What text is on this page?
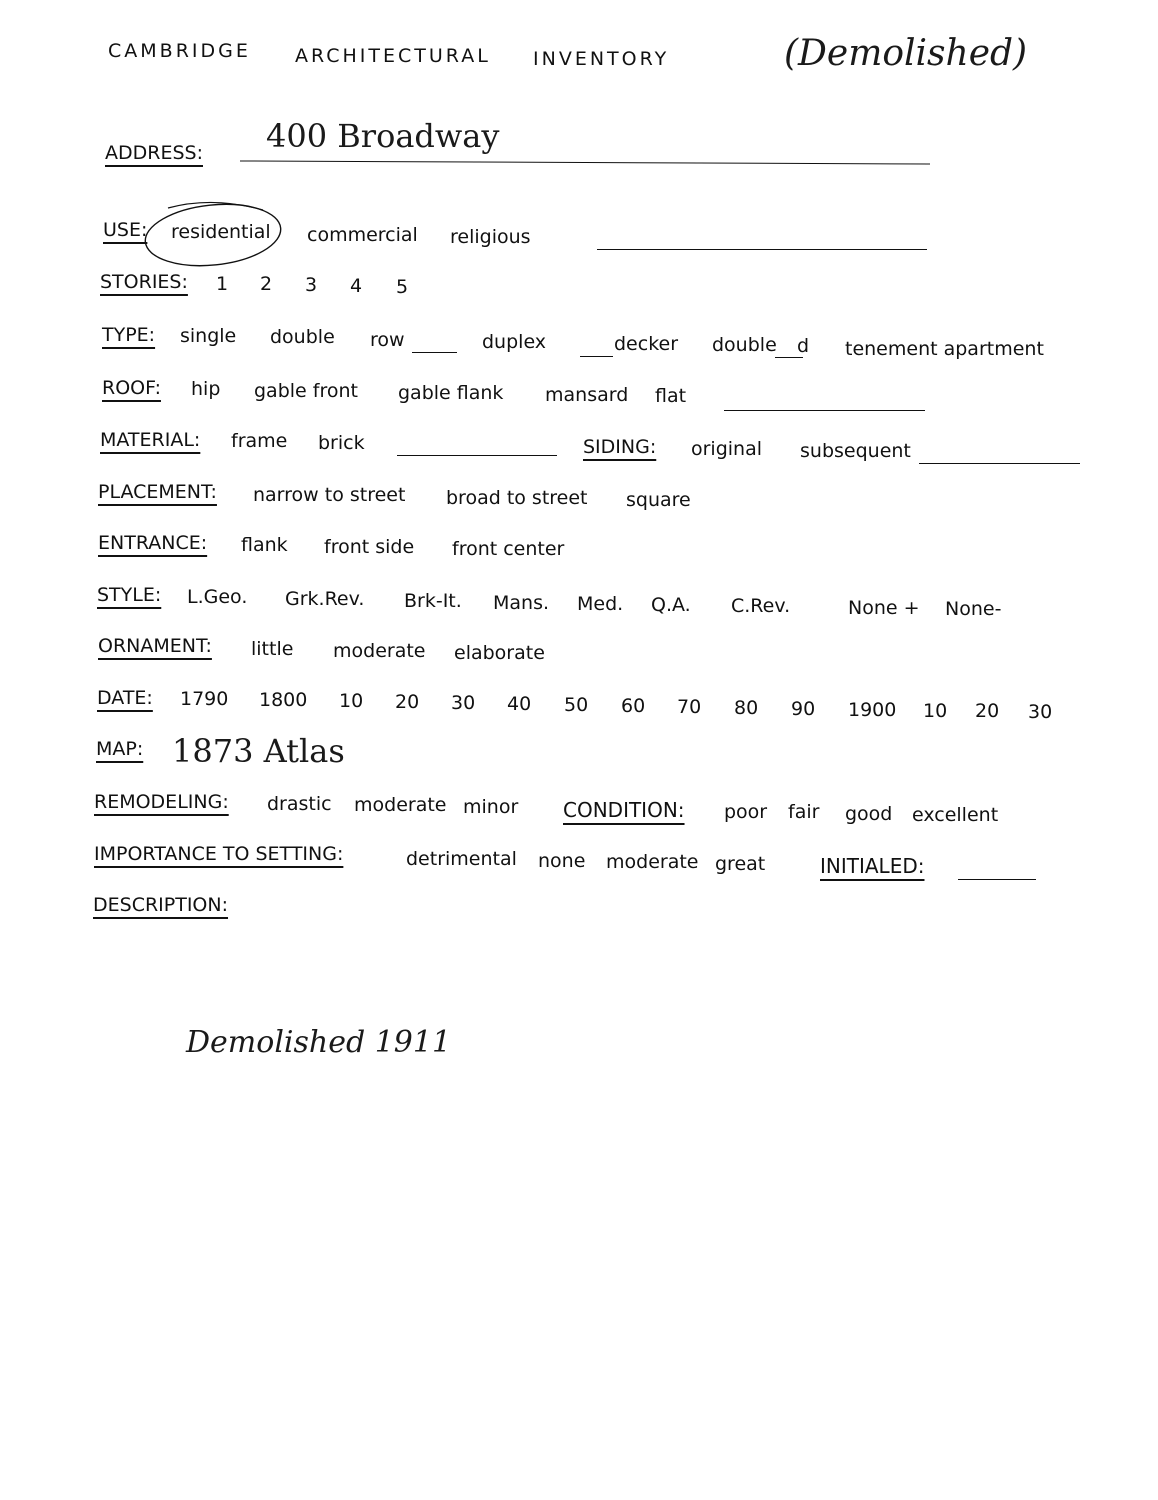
CAMBRIDGE ARCHITECTURAL INVENTORY	(Demolished)
ADDRESS: 400 Broadway
USE: residential commercial religious
STORIES: 1 2 3 4 5
TYPE: single double row	duplex	decker double d tenement apartment
ROOF: hip gable front gable flank mansard flat
MATERIAL: frame brick	SIDING: original subsequent
PLACEMENT: narrow to street broad to street square
ENTRANCE: flank front side front center
STYLE: L.Geo. Grk.Rev. Brk-It. Mans. Med. Q.A. C.Rev.	None + None-
ORNAMENT: little moderate elaborate
DATE: 1790 1800 10 20 30 40 50 60 70 80 90 1900 10 20 30
MAP: 1873 Atlas
REMODELING: drastic moderate minor CONDITION: poor fair good excellent
IMPORTANCE TO SETTING:	detrimental none moderate great	INITIALED:
DESCRIPTION:
Demolished 1911
